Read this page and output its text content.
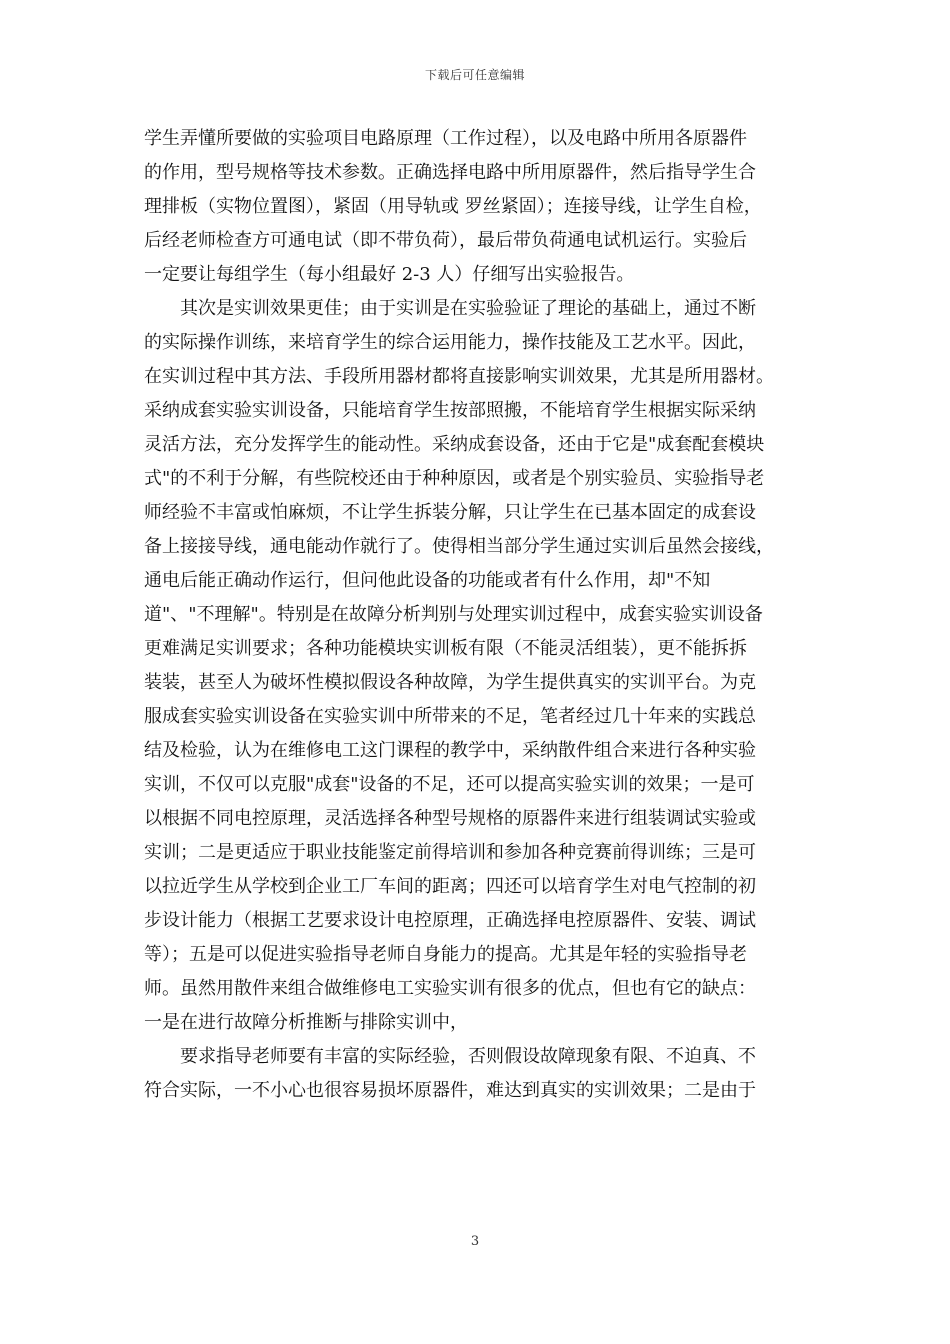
下载后可任意编辑

学生弄懂所要做的实验项目电路原理（工作过程），以及电路中所用各原器件
的作用，型号规格等技术参数。正确选择电路中所用原器件，然后指导学生合
理排板（实物位置图），紧固（用导轨或 罗丝紧固）；连接导线，让学生自检，
后经老师检查方可通电试（即不带负荷），最后带负荷通电试机运行。实验后
一定要让每组学生（每小组最好 2-3 人）仔细写出实验报告。

其次是实训效果更佳；由于实训是在实验验证了理论的基础上，通过不断
的实际操作训练，来培育学生的综合运用能力，操作技能及工艺水平。因此，
在实训过程中其方法、手段所用器材都将直接影响实训效果，尤其是所用器材。
采纳成套实验实训设备，只能培育学生按部照搬，不能培育学生根据实际采纳
灵活方法，充分发挥学生的能动性。采纳成套设备，还由于它是"成套配套模块
式"的不利于分解，有些院校还由于种种原因，或者是个别实验员、实验指导老
师经验不丰富或怕麻烦，不让学生拆装分解，只让学生在已基本固定的成套设
备上接接导线，通电能动作就行了。使得相当部分学生通过实训后虽然会接线，
通电后能正确动作运行，但问他此设备的功能或者有什么作用，却"不知
道"、"不理解"。特别是在故障分析判别与处理实训过程中，成套实验实训设备
更难满足实训要求；各种功能模块实训板有限（不能灵活组装），更不能拆拆
装装，甚至人为破坏性模拟假设各种故障，为学生提供真实的实训平台。为克
服成套实验实训设备在实验实训中所带来的不足，笔者经过几十年来的实践总
结及检验，认为在维修电工这门课程的教学中，采纳散件组合来进行各种实验
实训，不仅可以克服"成套"设备的不足，还可以提高实验实训的效果；一是可
以根据不同电控原理，灵活选择各种型号规格的原器件来进行组装调试实验或
实训；二是更适应于职业技能鉴定前得培训和参加各种竞赛前得训练；三是可
以拉近学生从学校到企业工厂车间的距离；四还可以培育学生对电气控制的初
步设计能力（根据工艺要求设计电控原理，正确选择电控原器件、安装、调试
等）；五是可以促进实验指导老师自身能力的提高。尤其是年轻的实验指导老
师。虽然用散件来组合做维修电工实验实训有很多的优点，但也有它的缺点：
一是在进行故障分析推断与排除实训中，

要求指导老师要有丰富的实际经验，否则假设故障现象有限、不迫真、不
符合实际，一不小心也很容易损坏原器件，难达到真实的实训效果；二是由于

3
